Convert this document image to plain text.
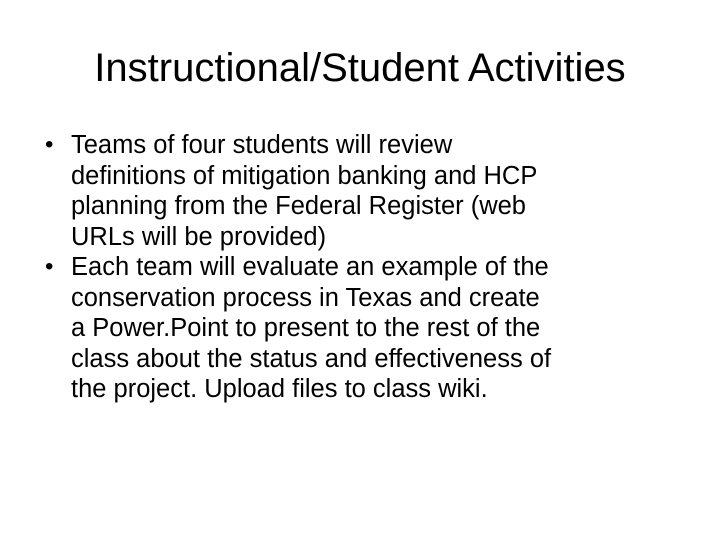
Instructional/Student Activities
• Teams of four students will review
definitions of mitigation banking and HCP
planning from the Federal Register (web
URLs will be provided)
• Each team will evaluate an example of the
conservation process in Texas and create
a Power.Point to present to the rest of the
class about the status and effectiveness of
the project. Upload files to class wiki.
